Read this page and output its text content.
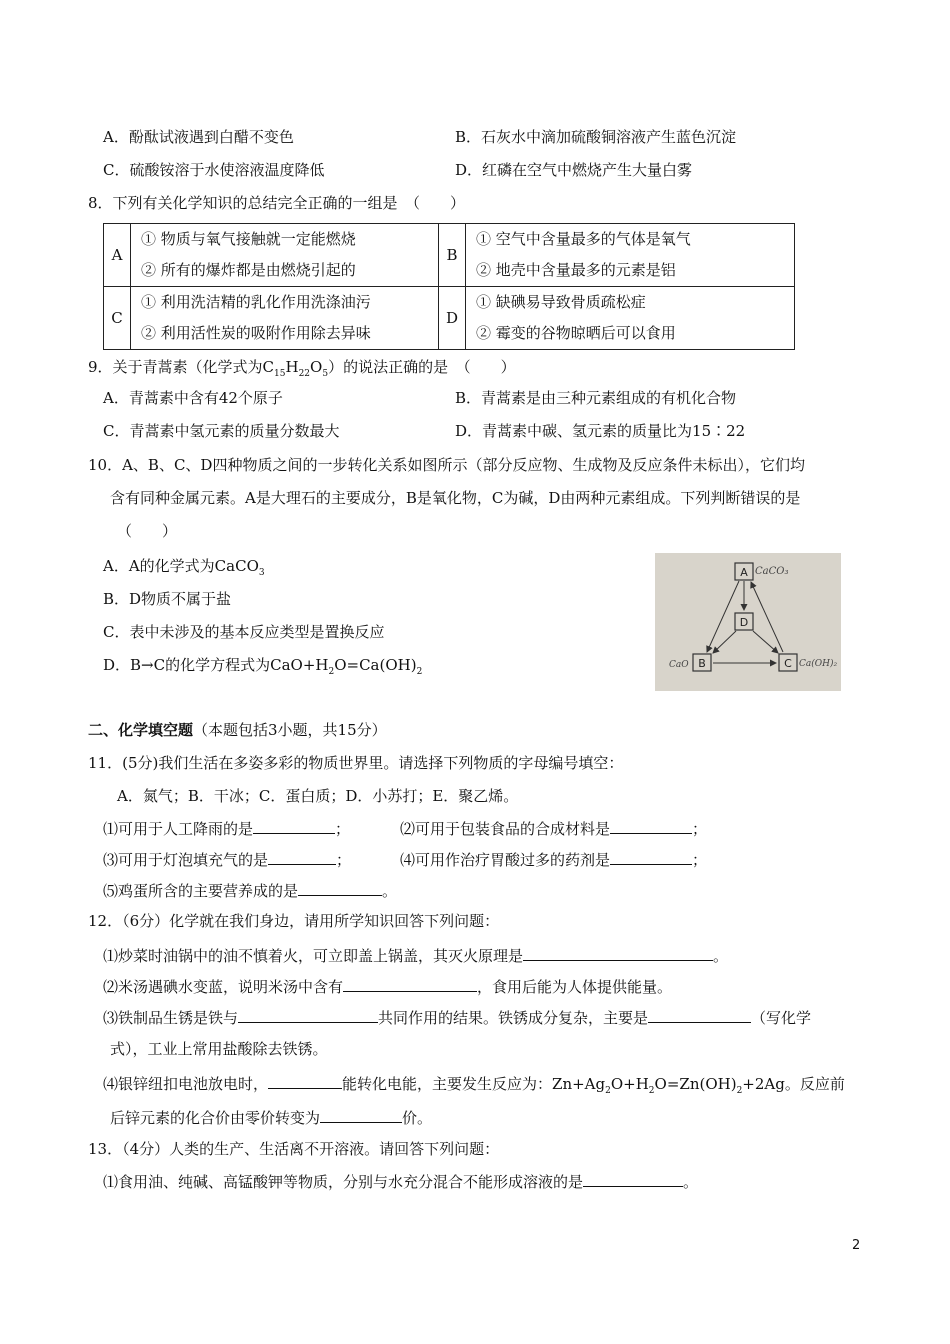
A．酚酞试液遇到白醋不变色	B．石灰水中滴加硫酸铜溶液产生蓝色沉淀
C．硫酸铵溶于水使溶液温度降低	D．红磷在空气中燃烧产生大量白雾
8．下列有关化学知识的总结完全正确的一组是　（　　）
A	① 物质与氧气接触就一定能燃烧	B	① 空气中含量最多的气体是氧气
	② 所有的爆炸都是由燃烧引起的		② 地壳中含量最多的元素是铝
C	① 利用洗洁精的乳化作用洗涤油污	D	① 缺碘易导致骨质疏松症
	② 利用活性炭的吸附作用除去异味		② 霉变的谷物晾晒后可以食用
9．关于青蒿素（化学式为$C_{15}H_{22}O_5$）的说法正确的是　（　　）
A．青蒿素中含有42个原子	B．青蒿素是由三种元素组成的有机化合物
C．青蒿素中氢元素的质量分数最大	D．青蒿素中碳、氢元素的质量比为15∶22
10．A、B、C、D四种物质之间的一步转化关系如图所示（部分反应物、生成物及反应条件未标出），它们均
含有同种金属元素。A是大理石的主要成分，B是氧化物，C为碱，D由两种元素组成。下列判断错误的是
（　　）
A．A的化学式为CaCO$_3$
B．D物质不属于盐
C．表中未涉及的基本反应类型是置换反应
D．B→C的化学方程式为$CaO+H_2O=Ca(OH)_2$
A
D
B	C
CaCO₃
CaO	Ca(OH)₂
二、化学填空题（本题包括3小题，共15分）
11．(5分)我们生活在多姿多彩的物质世界里。请选择下列物质的字母编号填空：
A．氮气；B．干冰；C．蛋白质；D．小苏打；E．聚乙烯。
⑴可用于人工降雨的是	；	⑵可用于包装食品的合成材料是	；
⑶可用于灯泡填充气的是	；	⑷可用作治疗胃酸过多的药剂是	；
⑸鸡蛋所含的主要营养成的是	。
12．（6分）化学就在我们身边，请用所学知识回答下列问题：
⑴炒菜时油锅中的油不慎着火，可立即盖上锅盖，其灭火原理是	。
⑵米汤遇碘水变蓝，说明米汤中含有	，食用后能为人体提供能量。
⑶铁制品生锈是铁与	共同作用的结果。铁锈成分复杂，主要是	（写化学
式），工业上常用盐酸除去铁锈。
⑷银锌纽扣电池放电时，	能转化电能，主要发生反应为：$Zn+Ag_2O+H_2O=Zn(OH)_2+2Ag$。反应前
后锌元素的化合价由零价转变为	价。
13．（4分）人类的生产、生活离不开溶液。请回答下列问题：
⑴食用油、纯碱、高锰酸钾等物质，分别与水充分混合不能形成溶液的是	。
2
